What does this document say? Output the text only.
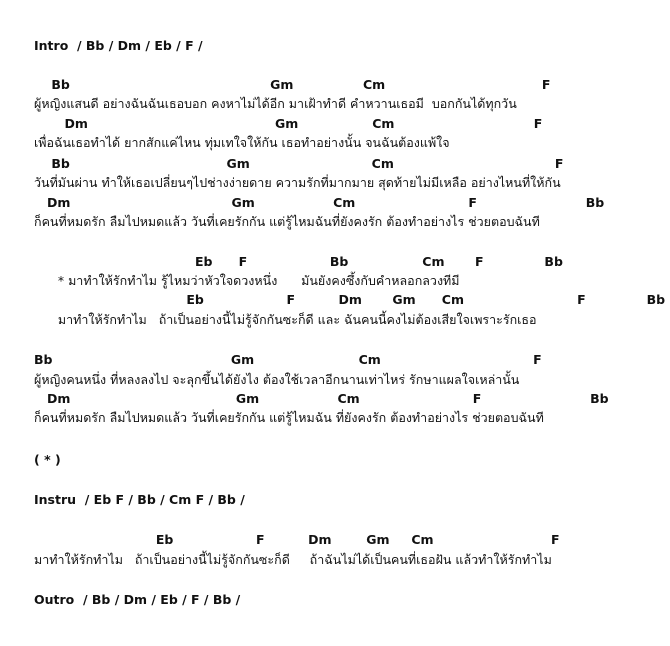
Intro  / Bb / Dm / Eb / F /
Bb                                              Gm                Cm                                    F
ผู้หญิงแสนดี อย่างฉันฉันเธอบอก คงหาไม่ได้อีก มาเฝ้าทำดี คำหวานเธอมี  บอกกันได้ทุกวัน
Dm                                           Gm                 Cm                                F
เพื่อฉันเธอทำได้ ยากสักแค่ไหน ทุ่มเทใจให้กัน เธอทำอย่างนั้น จนฉันต้องแพ้ใจ
Bb                                    Gm                            Cm                                     F
วันที่มันผ่าน ทำให้เธอเปลี่ยนๆไปช่างง่ายดาย ความรักที่มากมาย สุดท้ายไม่มีเหลือ อย่างไหนที่ให้กัน
Dm                                     Gm                  Cm                          F                         Bb
ก็คนที่หมดรัก ลืมไปหมดแล้ว วันที่เคยรักกัน แต่รู้ไหมฉันที่ยังคงรัก ต้องทำอย่างไร ช่วยตอบฉันที
Eb      F                   Bb                 Cm       F              Bb
* มาทำให้รักทำไม รู้ไหมว่าหัวใจดวงหนึ่ง      มันยังคงซึ้งกับคำหลอกลวงทีมี
Eb                   F          Dm       Gm      Cm                          F              Bb
มาทำให้รักทำไม   ถ้าเป็นอย่างนี้ไม่รู้จักกันซะก็ดี และ ฉันคนนี้คงไม่ต้องเสียใจเพราะรักเธอ
Bb                                         Gm                        Cm                                   F
ผู้หญิงคนหนึ่ง ที่หลงลงไป จะลุกขึ้นได้ยังไง ต้องใช้เวลาอีกนานเท่าไหร่ รักษาแผลใจเหล่านั้น
Dm                                      Gm                  Cm                          F                         Bb
ก็คนที่หมดรัก ลืมไปหมดแล้ว วันที่เคยรักกัน แต่รู้ไหมฉัน ที่ยังคงรัก ต้องทำอย่างไร ช่วยตอบฉันที
( * )
Instru  / Eb F / Bb / Cm F / Bb /
Eb                   F          Dm        Gm     Cm                           F
มาทำให้รักทำไม   ถ้าเป็นอย่างนี้ไม่รู้จักกันซะก็ดี     ถ้าฉันไม่ได้เป็นคนที่เธอฝัน แล้วทำให้รักทำไม
Outro  / Bb / Dm / Eb / F / Bb /
